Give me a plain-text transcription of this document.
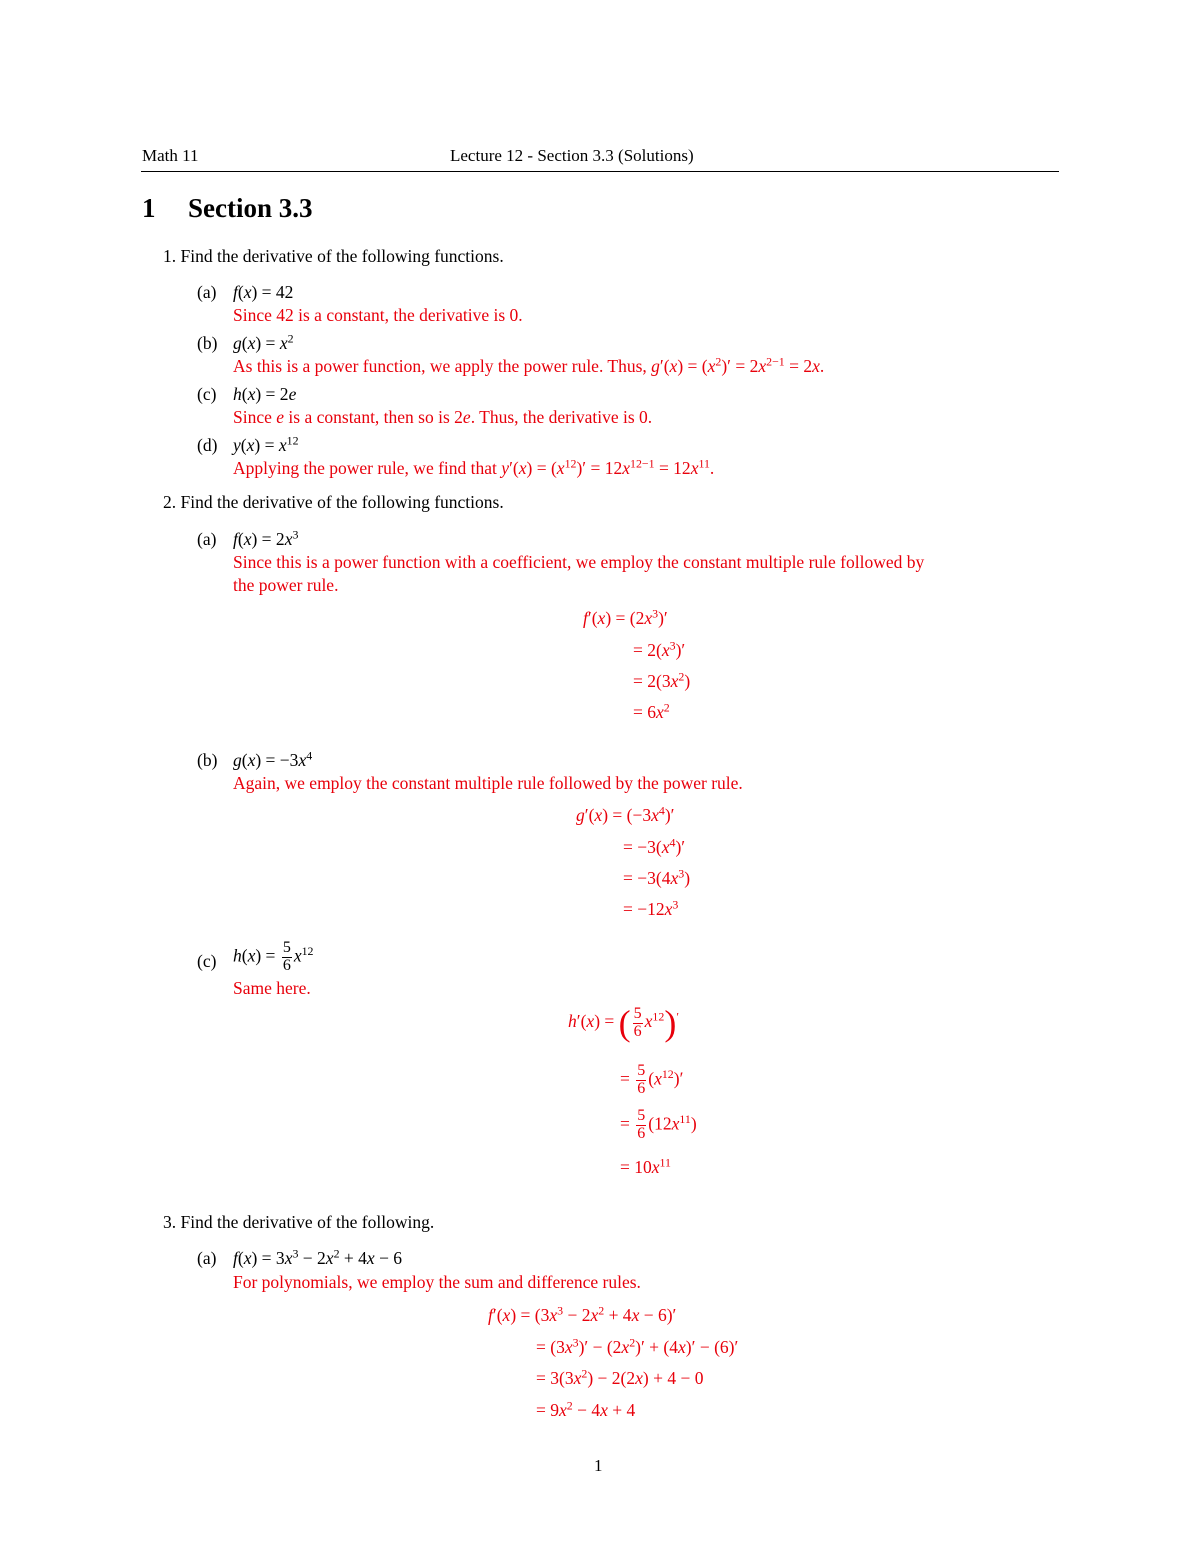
Math 11	Lecture 12 - Section 3.3 (Solutions)
1 Section 3.3
1. Find the derivative of the following functions.
(a) f(x) = 42
Since 42 is a constant, the derivative is 0.
(b) $g(x) = x^2$
As this is a power function, we apply the power rule. Thus, $g'(x) = (x^2)' = 2x^{2-1} = 2x$.
(c) h(x) = 2e
Since e is a constant, then so is 2e. Thus, the derivative is 0.
(d) $y(x) = x^{12}$
Applying the power rule, we find that $y'(x) = (x^{12})' = 12x^{12-1} = 12x^{11}$.
2. Find the derivative of the following functions.
(a) $f(x) = 2x^3$
Since this is a power function with a coefficient, we employ the constant multiple rule followed by
the power rule.
$f'(x) = (2x^3)'$
= $2(x^3)'$
= $2(3x^2)$
= $6x^2$
(b) $g(x) = -3x^4$
Again, we employ the constant multiple rule followed by the power rule.
$g'(x) = (-3x^4)'$
= $-3(x^4)'$
= $-3(4x^3)$
= $-12x^3$
(c) $h(x) = \frac{5}{6} x^{12}$
Same here.
h′(x) = ( $\frac{5}{6} x^{12})'$
= $\frac{5}{6} (x^{12})'$
= $\frac{5}{6} (12x^{11})$
= $10x^{11}$
3. Find the derivative of the following.
(a) $f(x) = 3x^3 - 2x^2 + 4x - 6$
For polynomials, we employ the sum and difference rules.
$f'(x) = (3x^3 - 2x^2 + 4x - 6)'$
= $(3x^3)' - (2x^2)' + (4x)' - (6)'$
= $3(3x^2) - 2(2x) + 4 - 0$
= $9x^2 - 4x + 4$
1
